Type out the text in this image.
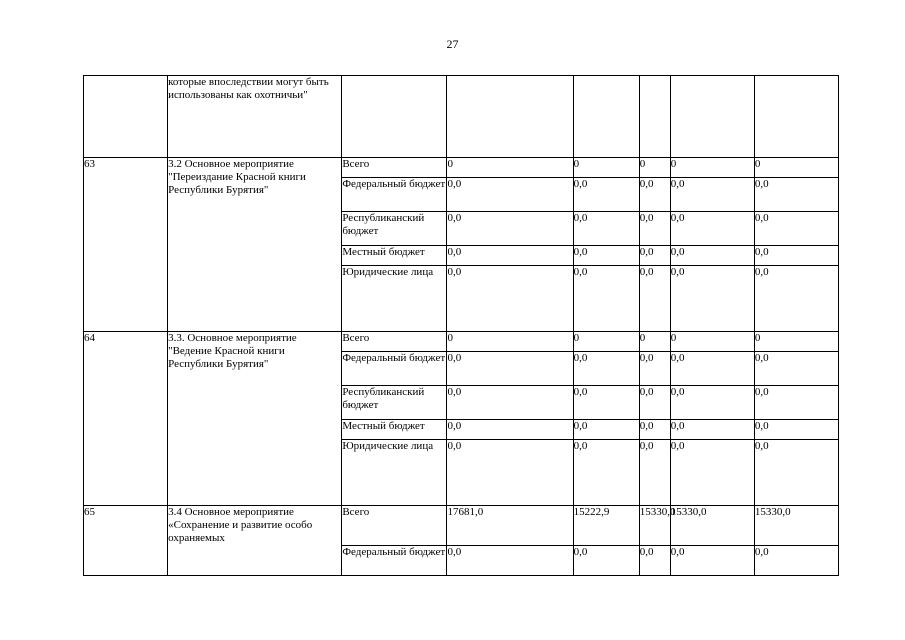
27
	которые впоследствии могут быть использованы как охотничьи"						
63	3.2 Основное мероприятие "Переиздание Красной книги Республики Бурятия"	Всего	0	0	0	0	0
		Федеральный бюджет	0,0	0,0	0,0	0,0	0,0
		Республиканский бюджет	0,0	0,0	0,0	0,0	0,0
		Местный бюджет	0,0	0,0	0,0	0,0	0,0
		Юридические лица	0,0	0,0	0,0	0,0	0,0
64	3.3. Основное мероприятие "Ведение Красной книги Республики Бурятия"	Всего	0	0	0	0	0
		Федеральный бюджет	0,0	0,0	0,0	0,0	0,0
		Республиканский бюджет	0,0	0,0	0,0	0,0	0,0
		Местный бюджет	0,0	0,0	0,0	0,0	0,0
		Юридические лица	0,0	0,0	0,0	0,0	0,0
65	3.4 Основное мероприятие «Сохранение и развитие особо охраняемых	Всего	17681,0	15222,9	15330,0	15330,0	15330,0
		Федеральный бюджет	0,0	0,0	0,0	0,0	0,0
